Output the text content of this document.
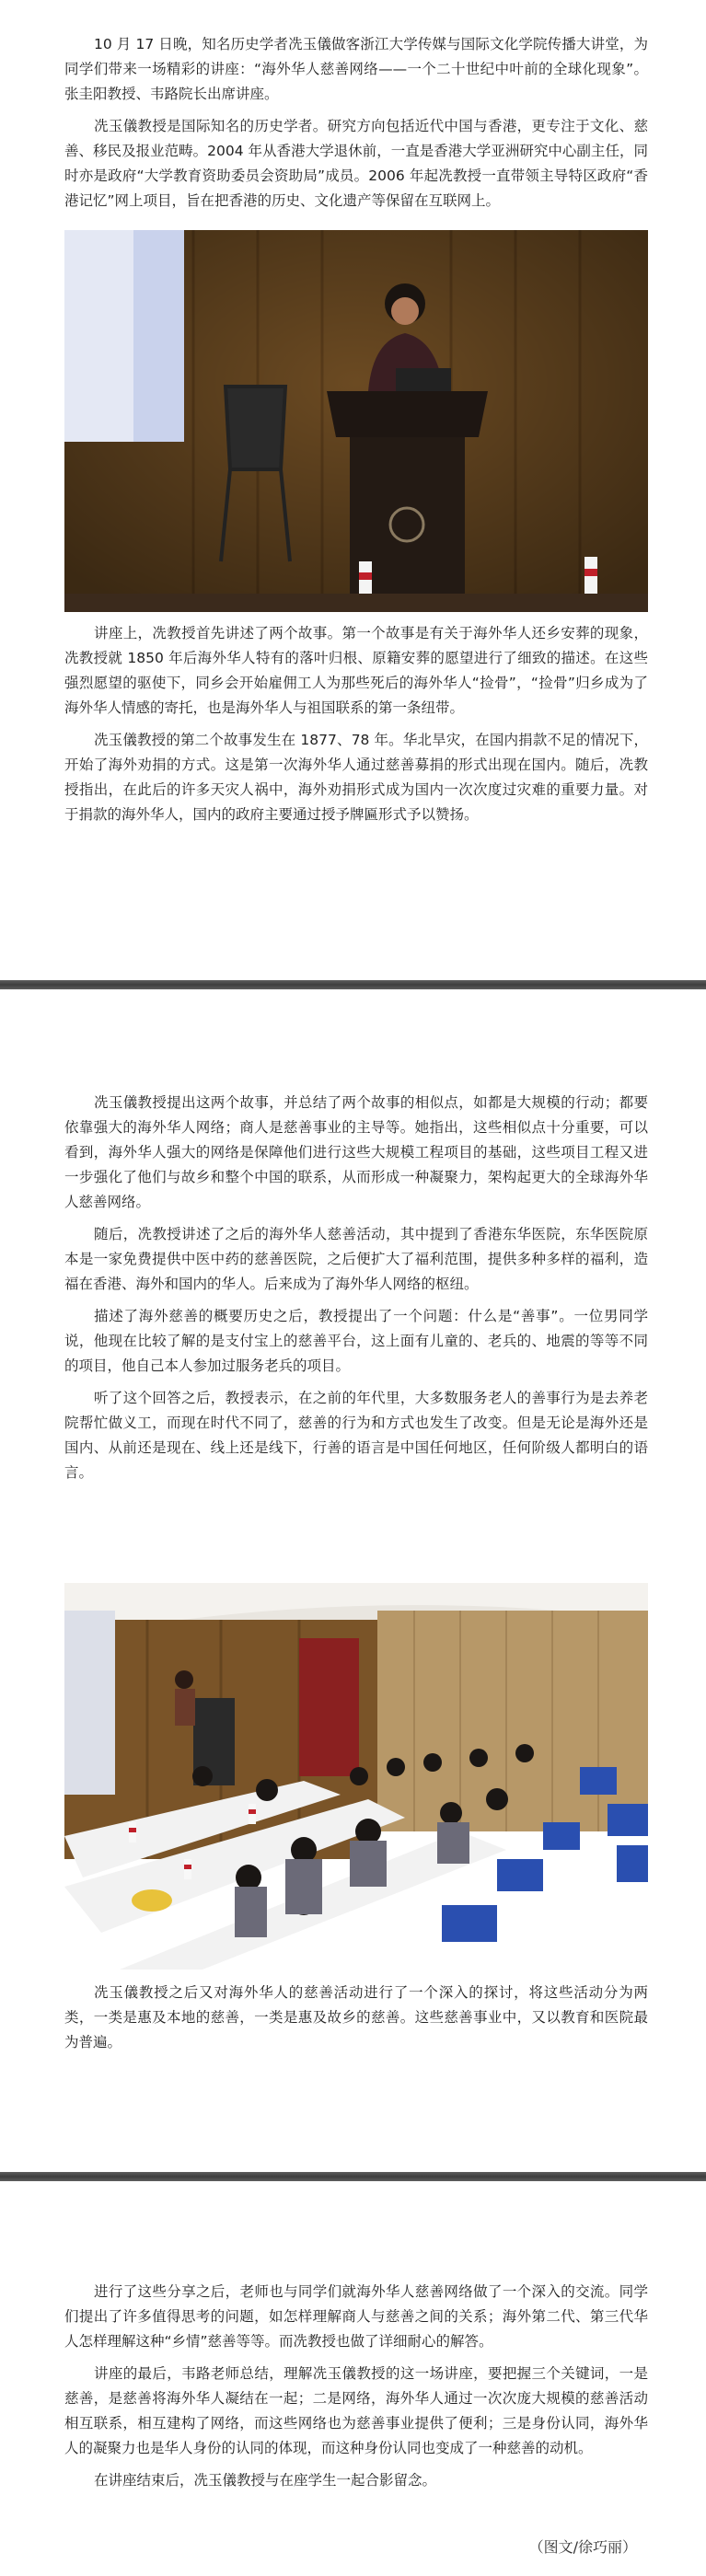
10 月 17 日晚，知名历史学者冼玉儀做客浙江大学传媒与国际文化学院传播大讲堂，为同学们带来一场精彩的讲座：“海外华人慈善网络——一个二十世纪中叶前的全球化现象”。张圭阳教授、韦路院长出席讲座。

冼玉儀教授是国际知名的历史学者。研究方向包括近代中国与香港，更专注于文化、慈善、移民及报业范畴。2004 年从香港大学退休前，一直是香港大学亚洲研究中心副主任，同时亦是政府“大学教育资助委员会资助局”成员。2006 年起冼教授一直带领主导特区政府“香港记忆”网上项目，旨在把香港的历史、文化遗产等保留在互联网上。

讲座上，冼教授首先讲述了两个故事。第一个故事是有关于海外华人还乡安葬的现象，冼教授就 1850 年后海外华人特有的落叶归根、原籍安葬的愿望进行了细致的描述。在这些强烈愿望的驱使下，同乡会开始雇佣工人为那些死后的海外华人“捡骨”，“捡骨”归乡成为了海外华人情感的寄托，也是海外华人与祖国联系的第一条纽带。

冼玉儀教授的第二个故事发生在 1877、78 年。华北旱灾，在国内捐款不足的情况下，开始了海外劝捐的方式。这是第一次海外华人通过慈善募捐的形式出现在国内。随后，冼教授指出，在此后的许多天灾人祸中，海外劝捐形式成为国内一次次度过灾难的重要力量。对于捐款的海外华人，国内的政府主要通过授予牌匾形式予以赞扬。

冼玉儀教授提出这两个故事，并总结了两个故事的相似点，如都是大规模的行动；都要依靠强大的海外华人网络；商人是慈善事业的主导等。她指出，这些相似点十分重要，可以看到，海外华人强大的网络是保障他们进行这些大规模工程项目的基础，这些项目工程又进一步强化了他们与故乡和整个中国的联系，从而形成一种凝聚力，架构起更大的全球海外华人慈善网络。

随后，冼教授讲述了之后的海外华人慈善活动，其中提到了香港东华医院，东华医院原本是一家免费提供中医中药的慈善医院，之后便扩大了福利范围，提供多种多样的福利，造福在香港、海外和国内的华人。后来成为了海外华人网络的枢纽。

描述了海外慈善的概要历史之后，教授提出了一个问题：什么是“善事”。一位男同学说，他现在比较了解的是支付宝上的慈善平台，这上面有儿童的、老兵的、地震的等等不同的项目，他自己本人参加过服务老兵的项目。

听了这个回答之后，教授表示，在之前的年代里，大多数服务老人的善事行为是去养老院帮忙做义工，而现在时代不同了，慈善的行为和方式也发生了改变。但是无论是海外还是国内、从前还是现在、线上还是线下，行善的语言是中国任何地区，任何阶级人都明白的语言。

冼玉儀教授之后又对海外华人的慈善活动进行了一个深入的探讨，将这些活动分为两类，一类是惠及本地的慈善，一类是惠及故乡的慈善。这些慈善事业中，又以教育和医院最为普遍。

进行了这些分享之后，老师也与同学们就海外华人慈善网络做了一个深入的交流。同学们提出了许多值得思考的问题，如怎样理解商人与慈善之间的关系；海外第二代、第三代华人怎样理解这种“乡情”慈善等等。而冼教授也做了详细耐心的解答。

讲座的最后，韦路老师总结，理解冼玉儀教授的这一场讲座，要把握三个关键词，一是慈善，是慈善将海外华人凝结在一起；二是网络，海外华人通过一次次庞大规模的慈善活动相互联系，相互建构了网络，而这些网络也为慈善事业提供了便利；三是身份认同，海外华人的凝聚力也是华人身份的认同的体现，而这种身份认同也变成了一种慈善的动机。

在讲座结束后，冼玉儀教授与在座学生一起合影留念。

（图文/徐巧丽）
